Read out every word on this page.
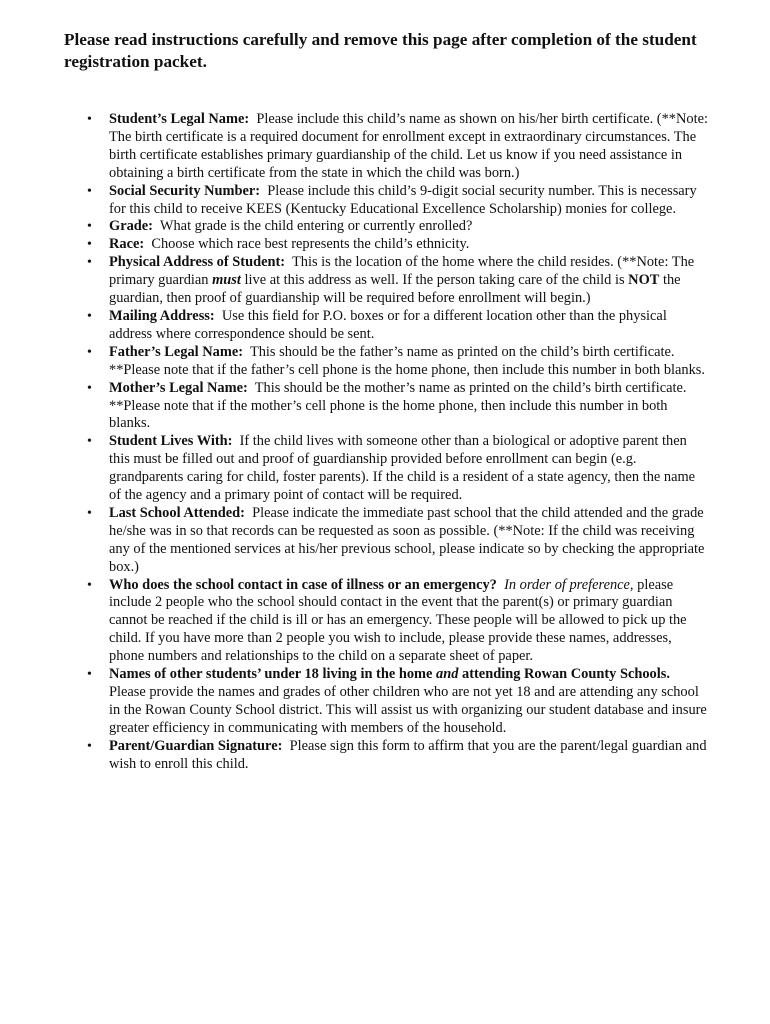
Please read instructions carefully and remove this page after completion of the student registration packet.
• Student’s Legal Name: Please include this child’s name as shown on his/her birth certificate. (**Note: The birth certificate is a required document for enrollment except in extraordinary circumstances. The birth certificate establishes primary guardianship of the child. Let us know if you need assistance in obtaining a birth certificate from the state in which the child was born.)
• Social Security Number: Please include this child’s 9-digit social security number. This is necessary for this child to receive KEES (Kentucky Educational Excellence Scholarship) monies for college.
• Grade: What grade is the child entering or currently enrolled?
• Race: Choose which race best represents the child’s ethnicity.
• Physical Address of Student: This is the location of the home where the child resides. (**Note: The primary guardian must live at this address as well. If the person taking care of the child is NOT the guardian, then proof of guardianship will be required before enrollment will begin.)
• Mailing Address: Use this field for P.O. boxes or for a different location other than the physical address where correspondence should be sent.
• Father’s Legal Name: This should be the father’s name as printed on the child’s birth certificate. **Please note that if the father’s cell phone is the home phone, then include this number in both blanks.
• Mother’s Legal Name: This should be the mother’s name as printed on the child’s birth certificate. **Please note that if the mother’s cell phone is the home phone, then include this number in both blanks.
• Student Lives With: If the child lives with someone other than a biological or adoptive parent then this must be filled out and proof of guardianship provided before enrollment can begin (e.g. grandparents caring for child, foster parents). If the child is a resident of a state agency, then the name of the agency and a primary point of contact will be required.
• Last School Attended: Please indicate the immediate past school that the child attended and the grade he/she was in so that records can be requested as soon as possible. (**Note: If the child was receiving any of the mentioned services at his/her previous school, please indicate so by checking the appropriate box.)
• Who does the school contact in case of illness or an emergency? In order of preference, please include 2 people who the school should contact in the event that the parent(s) or primary guardian cannot be reached if the child is ill or has an emergency. These people will be allowed to pick up the child. If you have more than 2 people you wish to include, please provide these names, addresses, phone numbers and relationships to the child on a separate sheet of paper.
• Names of other students’ under 18 living in the home and attending Rowan County Schools. Please provide the names and grades of other children who are not yet 18 and are attending any school in the Rowan County School district. This will assist us with organizing our student database and insure greater efficiency in communicating with members of the household.
• Parent/Guardian Signature: Please sign this form to affirm that you are the parent/legal guardian and wish to enroll this child.
